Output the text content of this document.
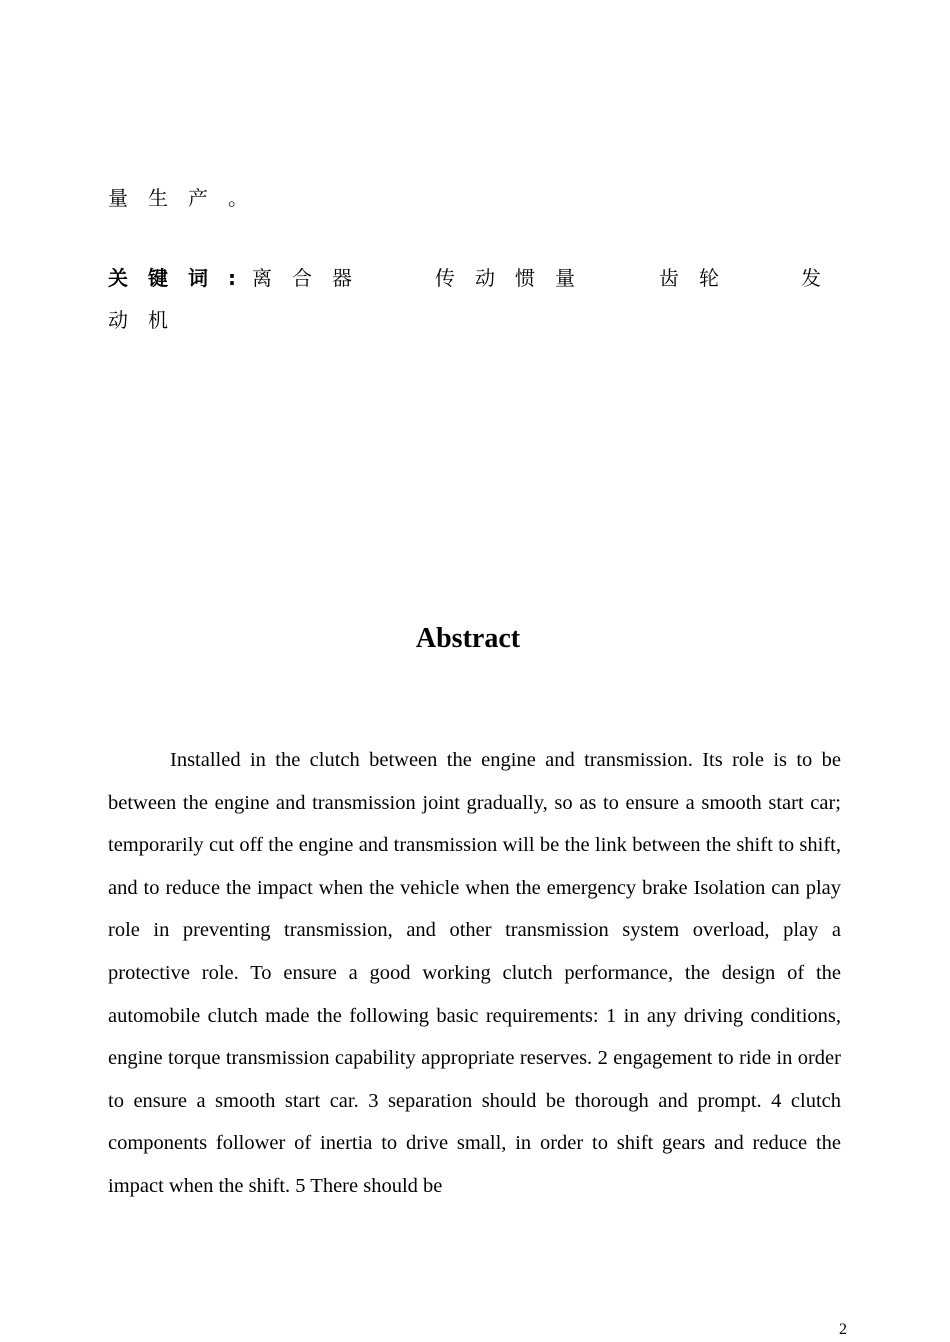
量生产。
关键词: 离合器	传动惯量	齿轮	发
动机
Abstract
Installed in the clutch between the engine and transmission. Its role is to be between the engine and transmission joint gradually, so as to ensure a smooth start car; temporarily cut off the engine and transmission will be the link between the shift to shift, and to reduce the impact when the vehicle when the emergency brake Isolation can play role in preventing transmission, and other transmission system overload, play a protective role. To ensure a good working clutch performance, the design of the automobile clutch made the following basic requirements: 1 in any driving conditions, engine torque transmission capability appropriate reserves. 2 engagement to ride in order to ensure a smooth start car. 3 separation should be thorough and prompt. 4 clutch components follower of inertia to drive small, in order to shift gears and reduce the impact when the shift. 5 There should be
2
